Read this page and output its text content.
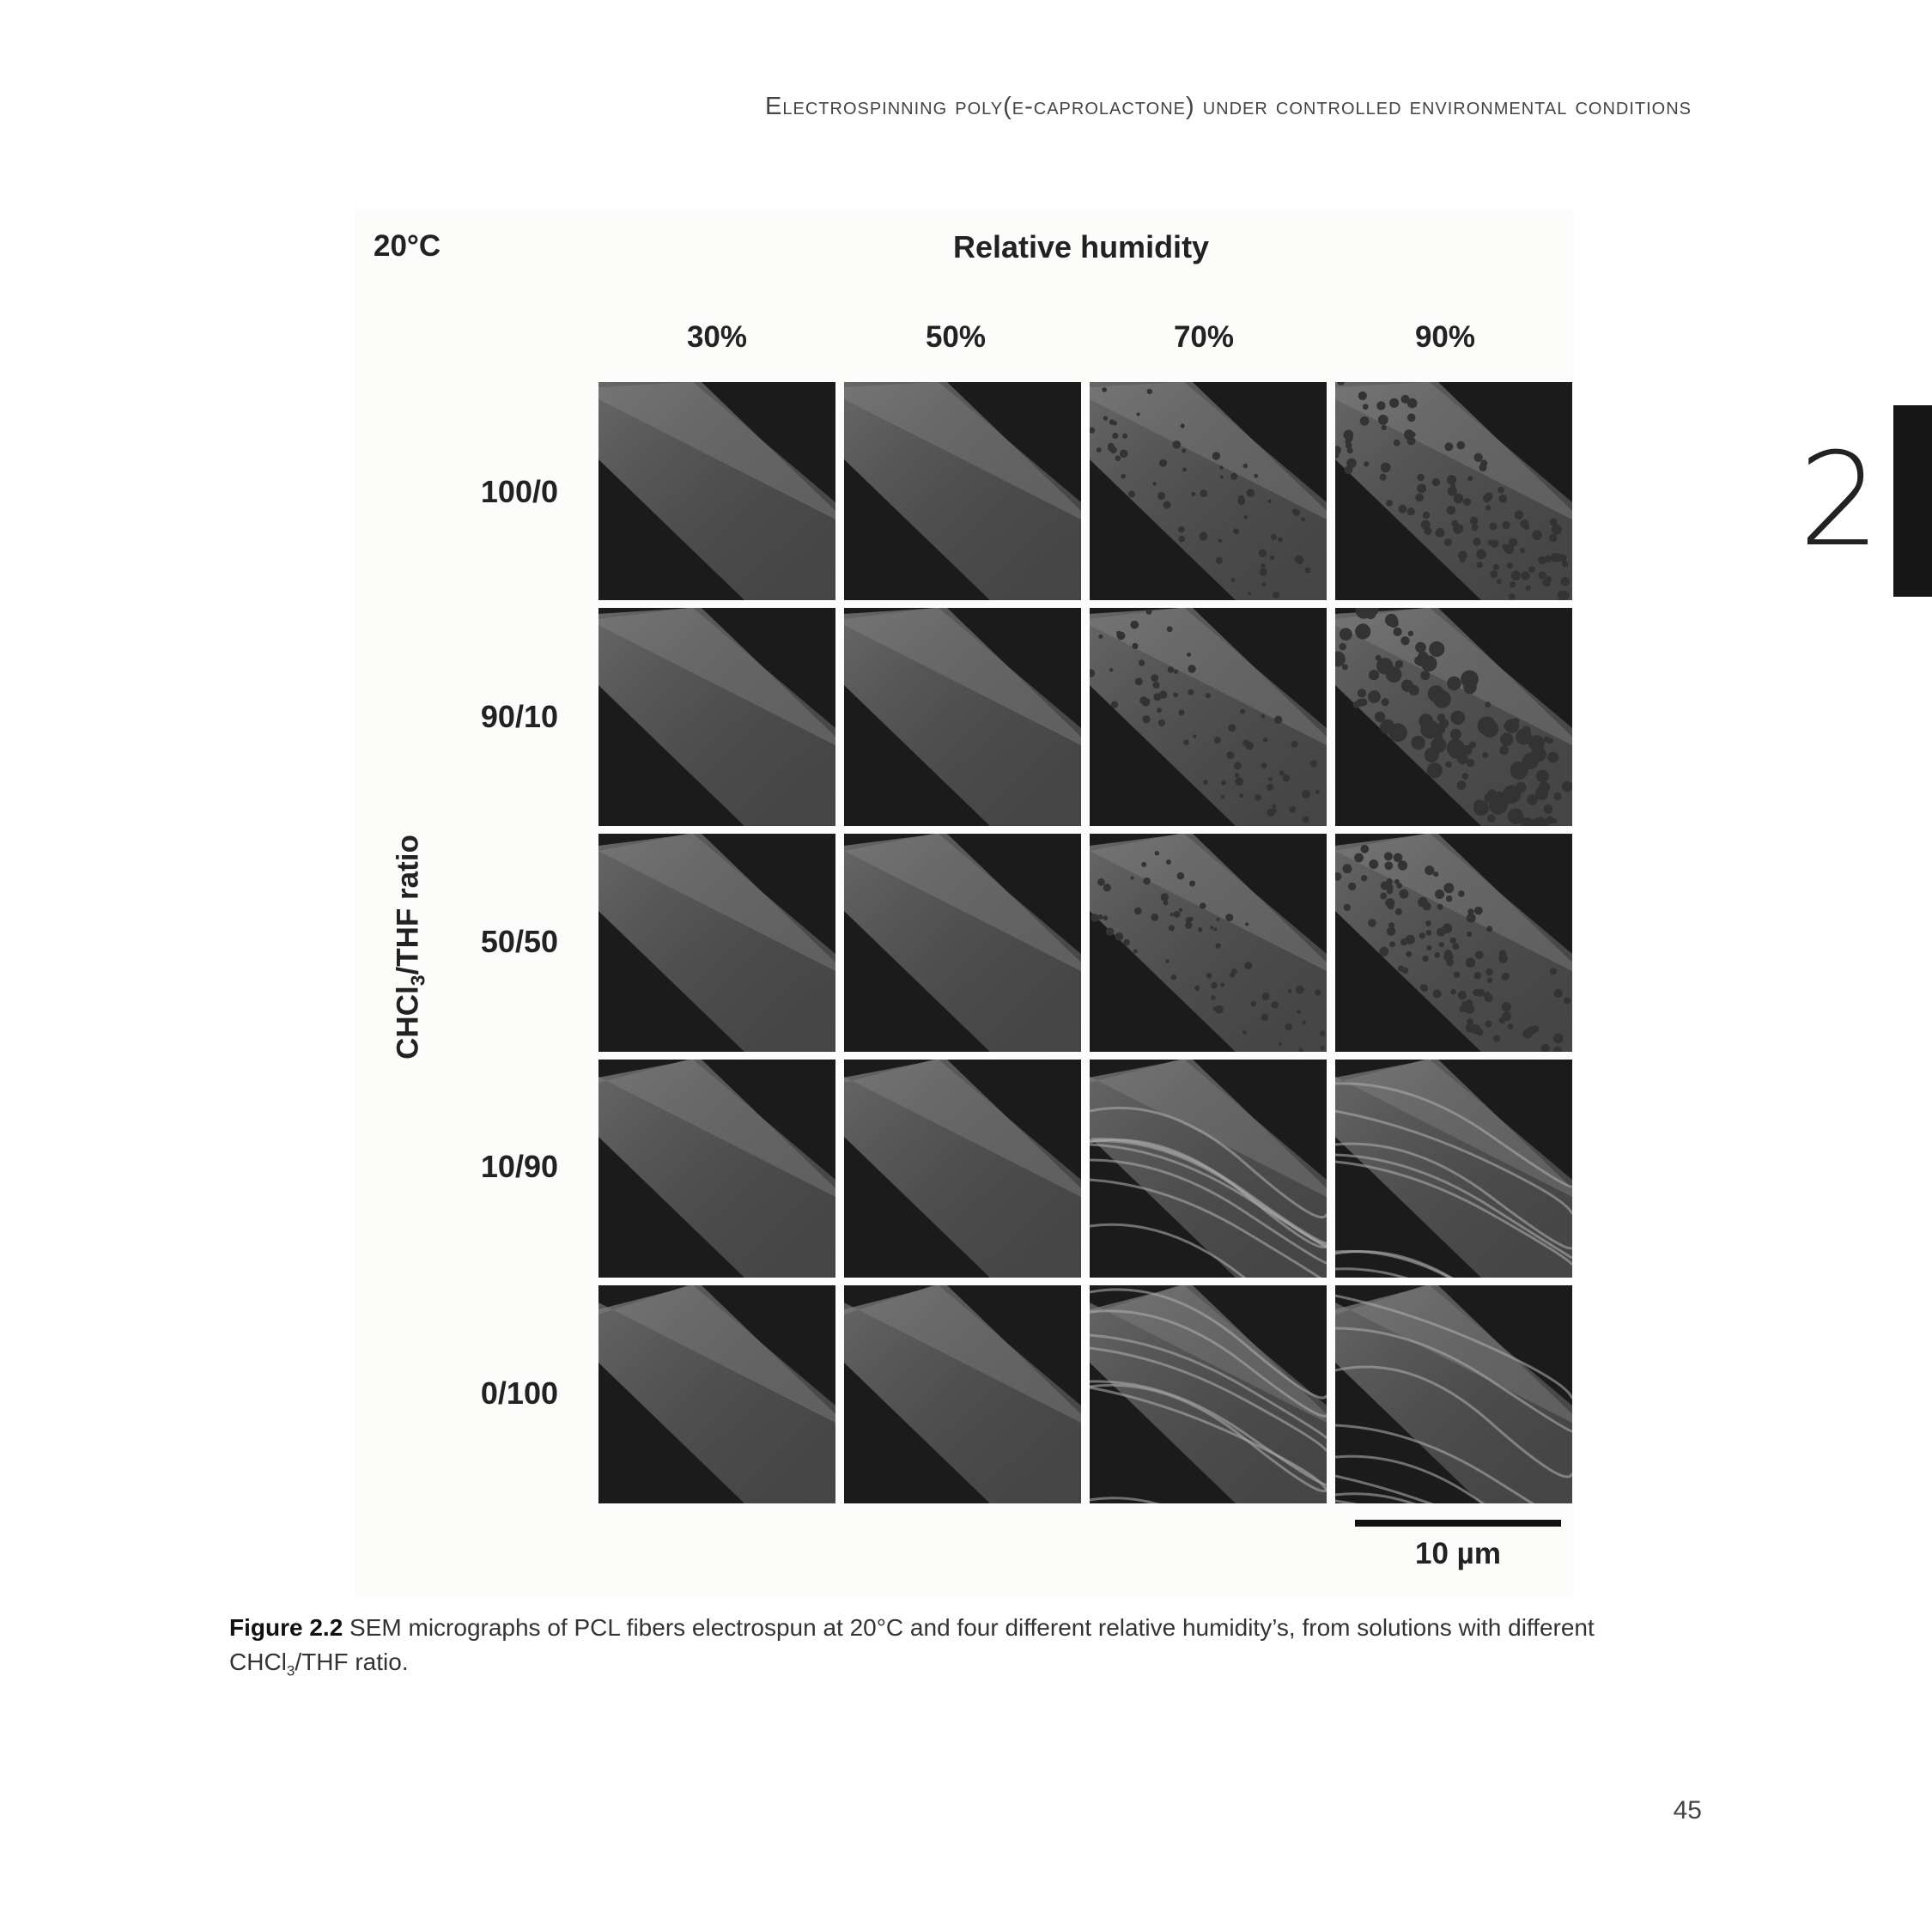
Electrospinning poly(ε-caprolactone) under controlled environmental conditions
2
20°C	Relative humidity
30%	50%	70%	90%
100/0
90/10
50/50
10/90
0/100
CHCl$_3$/THF ratio
10 µm
Figure 2.2 SEM micrographs of PCL fibers electrospun at 20°C and four different relative humidity’s, from solutions with different CHCl$_3$/THF ratio.
45
